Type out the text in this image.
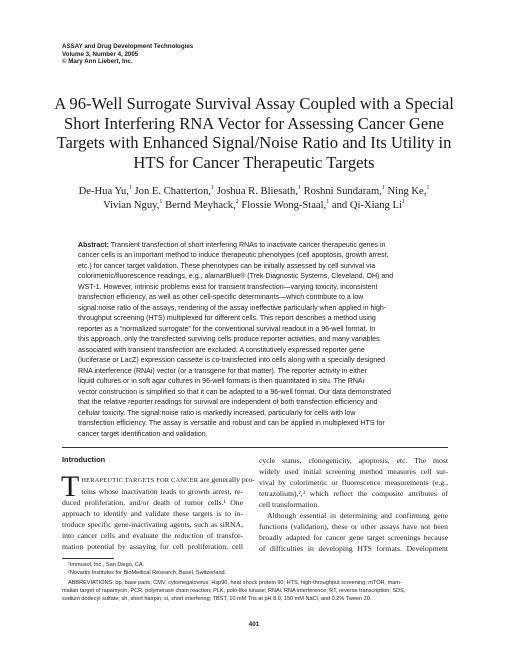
ASSAY and Drug Development Technologies
Volume 3, Number 4, 2005
© Mary Ann Liebert, Inc.
A 96-Well Surrogate Survival Assay Coupled with a Special
Short Interfering RNA Vector for Assessing Cancer Gene
Targets with Enhanced Signal/Noise Ratio and Its Utility in
HTS for Cancer Therapeutic Targets
De-Hua Yu,$^1$ Jon E. Chatterton,$^1$ Joshua R. Bliesath,$^1$ Roshni Sundaram,$^1$ Ning Ke,$^1$
Vivian Nguy,$^1$ Bernd Meyhack,$^2$ Flossie Wong-Staal,$^1$ and Qi-Xiang Li$^1$
Abstract: Transient transfection of short interfering RNAs to inactivate cancer therapeutic genes in
cancer cells is an important method to induce therapeutic phenotypes (cell apoptosis, growth arrest,
etc.) for cancer target validation. These phenotypes can be initially assessed by cell survival via
colorimetric/fluorescence readings, e.g., alamarBlue® (Trek Diagnostic Systems, Cleveland, OH) and
WST-1. However, intrinsic problems exist for transient transfection—varying toxicity, inconsistent
transfection efficiency, as well as other cell-specific determinants—which contribute to a low
signal:noise ratio of the assays, rendering of the assay ineffective particularly when applied in high-
throughput screening (HTS) multiplexed for different cells. This report describes a method using
reporter as a “normalized surrogate” for the conventional survival readout in a 96-well format. In
this approach, only the transfected surviving cells produce reporter activities, and many variables
associated with transient transfection are excluded. A constitutively expressed reporter gene
(luciferase or LacZ) expression cassette is co-transfected into cells along with a specially designed
RNA interference (RNAi) vector (or a transgene for that matter). The reporter activity in either
liquid cultures or in soft agar cultures in 96-well formats is then quantitated in situ. The RNAi
vector construction is simplified so that it can be adapted to a 96-well format. Our data demonstrated
that the relative reporter readings for survival are independent of both transfection efficiency and
cellular toxicity. The signal:noise ratio is markedly increased, particularly for cells with low
transfection efficiency. The assay is versatile and robust and can be applied in multiplexed HTS for
cancer target identification and validation.
Introduction
T HERAPEUTIC TARGETS FOR CANCER are generally pro-
teins whose inactivation leads to growth arrest, re-
duced proliferation, and/or death of tumor cells.¹ One
approach to identify and validate these targets is to in-
troduce specific gene-inactivating agents, such as siRNA,
into cancer cells and evaluate the reduction of transfor-
mation potential by assaying for cell proliferation, cell
cycle status, clonogenicity, apoptosis, etc. The most
widely used initial screening method measures cell sur-
vival by colorimetric or fluorescence measurements (e.g.,
tetrazolium),²,³ which reflect the composite attributes of
cell transformation.
Although essential in determining and confirming gene
functions (validation), these or other assays have not been
broadly adapted for cancer gene target screenings because
of difficulties in developing HTS formats. Development
¹Immusol, Inc., San Diego, CA.
²Novartis Institutes for BioMedical Research, Basel, Switzerland.
ABBREVIATIONS: bp, base pairs; CMV, cytomegalovirus; Hsp90, heat shock protein 90; HTS, high-throughput screening; mTOR, mam-
malian target of rapamycin; PCR, polymerase chain reaction; PLK, polo-like kinase; RNAi, RNA interference; RT, reverse transcription; SDS,
sodium dodecyl sulfate; sh, short hairpin; si, short interfering; TBST, 10 mM Tris at pH 8.0, 150 mM NaCl, and 0.2% Tween 20.
401
